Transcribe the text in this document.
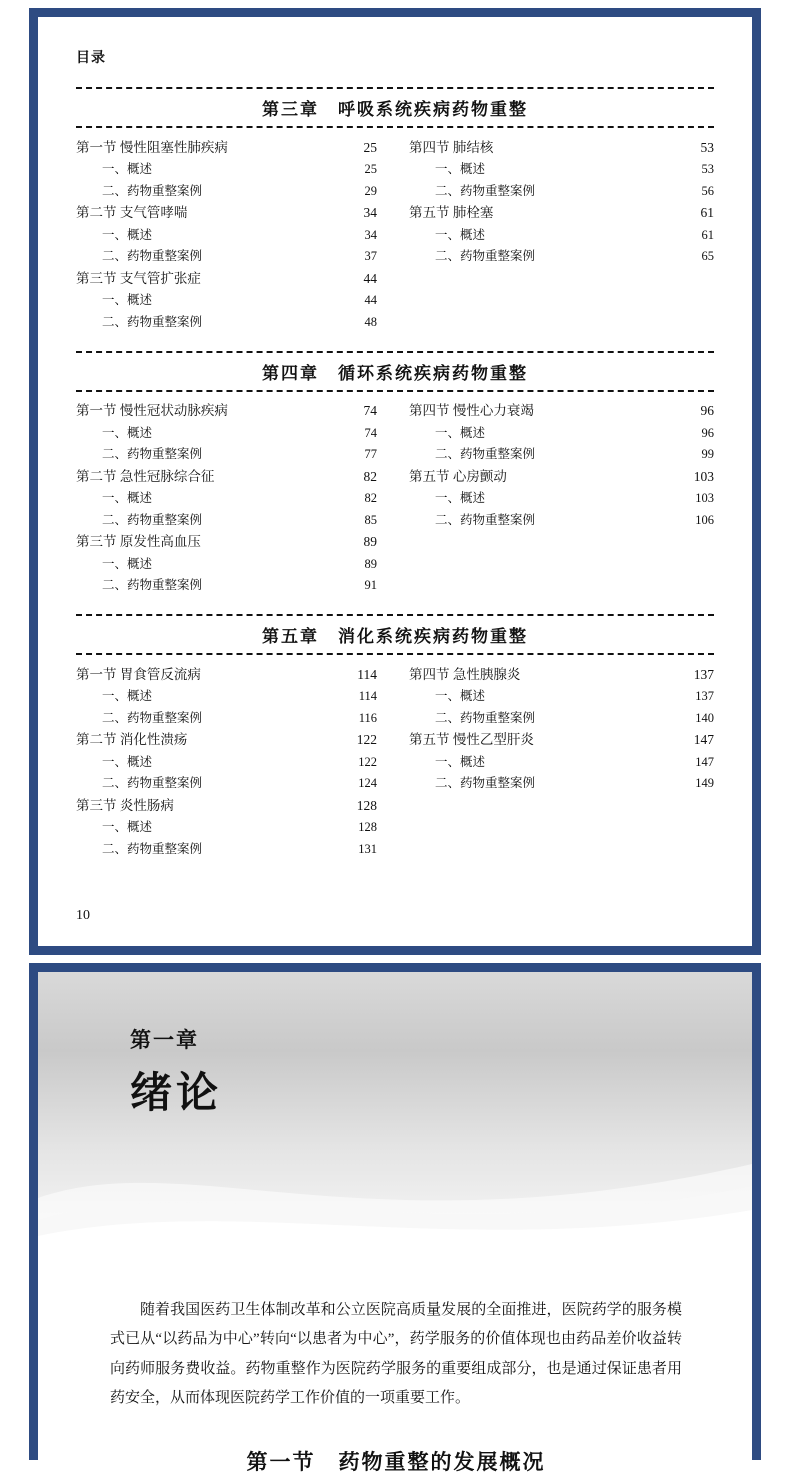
目录
第三章　呼吸系统疾病药物重整
第一节 慢性阻塞性肺疾病	25
一、概述	25
二、药物重整案例	29
第二节 支气管哮喘	34
一、概述	34
二、药物重整案例	37
第三节 支气管扩张症	44
一、概述	44
二、药物重整案例	48
第四节 肺结核	53
一、概述	53
二、药物重整案例	56
第五节 肺栓塞	61
一、概述	61
二、药物重整案例	65
第四章　循环系统疾病药物重整
第一节 慢性冠状动脉疾病	74
一、概述	74
二、药物重整案例	77
第二节 急性冠脉综合征	82
一、概述	82
二、药物重整案例	85
第三节 原发性高血压	89
一、概述	89
二、药物重整案例	91
第四节 慢性心力衰竭	96
一、概述	96
二、药物重整案例	99
第五节 心房颤动	103
一、概述	103
二、药物重整案例	106
第五章　消化系统疾病药物重整
第一节 胃食管反流病	114
一、概述	114
二、药物重整案例	116
第二节 消化性溃疡	122
一、概述	122
二、药物重整案例	124
第三节 炎性肠病	128
一、概述	128
二、药物重整案例	131
第四节 急性胰腺炎	137
一、概述	137
二、药物重整案例	140
第五节 慢性乙型肝炎	147
一、概述	147
二、药物重整案例	149
10
第一章
绪论

随着我国医药卫生体制改革和公立医院高质量发展的全面推进，医院药学的服务模式已从“以药品为中心”转向“以患者为中心”，药学服务的价值体现也由药品差价收益转向药师服务费收益。药物重整作为医院药学服务的重要组成部分，也是通过保证患者用药安全，从而体现医院药学工作价值的一项重要工作。

第一节　药物重整的发展概况
